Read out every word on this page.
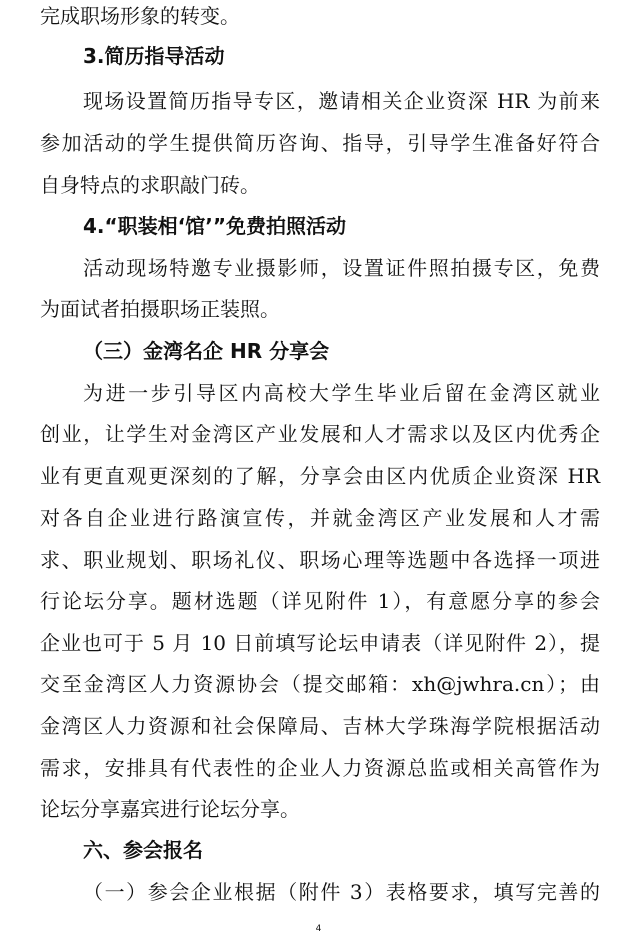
完成职场形象的转变。
3.简历指导活动
现场设置简历指导专区，邀请相关企业资深 HR 为前来
参加活动的学生提供简历咨询、指导，引导学生准备好符合
自身特点的求职敲门砖。
4.“职装相‘馆’”免费拍照活动
活动现场特邀专业摄影师，设置证件照拍摄专区，免费
为面试者拍摄职场正装照。
（三）金湾名企 HR 分享会
为进一步引导区内高校大学生毕业后留在金湾区就业
创业，让学生对金湾区产业发展和人才需求以及区内优秀企
业有更直观更深刻的了解，分享会由区内优质企业资深 HR
对各自企业进行路演宣传，并就金湾区产业发展和人才需
求、职业规划、职场礼仪、职场心理等选题中各选择一项进
行论坛分享。题材选题（详见附件 1），有意愿分享的参会
企业也可于 5 月 10 日前填写论坛申请表（详见附件 2），提
交至金湾区人力资源协会（提交邮箱：xh@jwhra.cn）；由
金湾区人力资源和社会保障局、吉林大学珠海学院根据活动
需求，安排具有代表性的企业人力资源总监或相关高管作为
论坛分享嘉宾进行论坛分享。
六、参会报名
（一）参会企业根据（附件 3）表格要求，填写完善的
4
